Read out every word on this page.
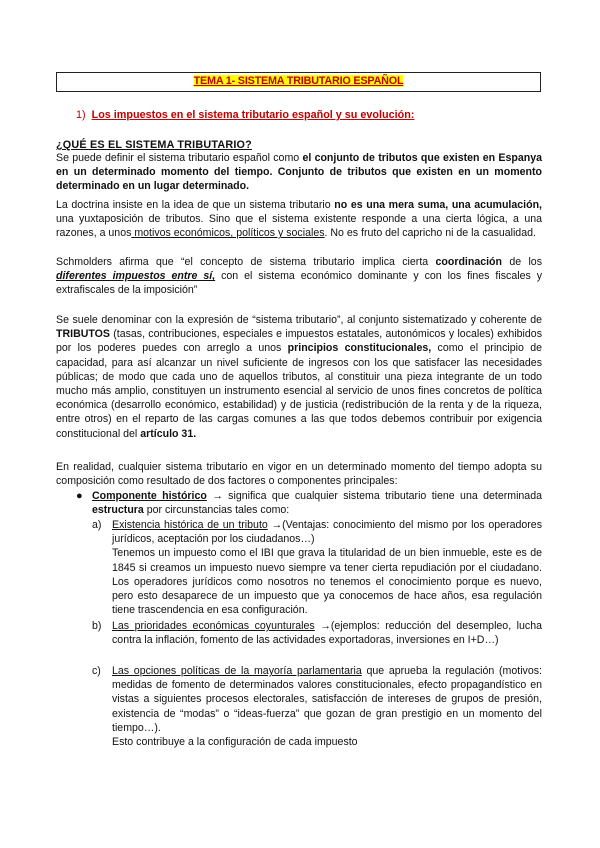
TEMA 1- SISTEMA TRIBUTARIO ESPAÑOL
1) Los impuestos en el sistema tributario español y su evolución:
¿QUÉ ES EL SISTEMA TRIBUTARIO?
Se puede definir el sistema tributario español como el conjunto de tributos que existen en Espanya en un determinado momento del tiempo. Conjunto de tributos que existen en un momento determinado en un lugar determinado.
La doctrina insiste en la idea de que un sistema tributario no es una mera suma, una acumulación, una yuxtaposición de tributos. Sino que el sistema existente responde a una cierta lógica, a una razones, a unos motivos económicos, políticos y sociales. No es fruto del capricho ni de la casualidad.
Schmolders afirma que “el concepto de sistema tributario implica cierta coordinación de los diferentes impuestos entre sí, con el sistema económico dominante y con los fines fiscales y extrafiscales de la imposición”
Se suele denominar con la expresión de “sistema tributario”, al conjunto sistematizado y coherente de TRIBUTOS (tasas, contribuciones, especiales e impuestos estatales, autonómicos y locales) exhibidos por los poderes puedes con arreglo a unos principios constitucionales, como el principio de capacidad, para así alcanzar un nivel suficiente de ingresos con los que satisfacer las necesidades públicas; de modo que cada uno de aquellos tributos, al constituir una pieza integrante de un todo mucho más amplio, constituyen un instrumento esencial al servicio de unos fines concretos de política económica (desarrollo económico, estabilidad) y de justicia (redistribución de la renta y de la riqueza, entre otros) en el reparto de las cargas comunes a las que todos debemos contribuir por exigencia constitucional del artículo 31.
En realidad, cualquier sistema tributario en vigor en un determinado momento del tiempo adopta su composición como resultado de dos factores o componentes principales:
● Componente histórico → significa que cualquier sistema tributario tiene una determinada estructura por circunstancias tales como:
a) Existencia histórica de un tributo →(Ventajas: conocimiento del mismo por los operadores jurídicos, aceptación por los ciudadanos…)
Tenemos un impuesto como el IBI que grava la titularidad de un bien inmueble, este es de 1845 si creamos un impuesto nuevo siempre va tener cierta repudiación por el ciudadano. Los operadores jurídicos como nosotros no tenemos el conocimiento porque es nuevo, pero esto desaparece de un impuesto que ya conocemos de hace años, esa regulación tiene trascendencia en esa configuración.
b) Las prioridades económicas coyunturales →(ejemplos: reducción del desempleo, lucha contra la inflación, fomento de las actividades exportadoras, inversiones en I+D…)
c) Las opciones políticas de la mayoría parlamentaria que aprueba la regulación (motivos: medidas de fomento de determinados valores constitucionales, efecto propagandístico en vistas a siguientes procesos electorales, satisfacción de intereses de grupos de presión, existencia de “modas” o “ideas-fuerza” que gozan de gran prestigio en un momento del tiempo…).
Esto contribuye a la configuración de cada impuesto
